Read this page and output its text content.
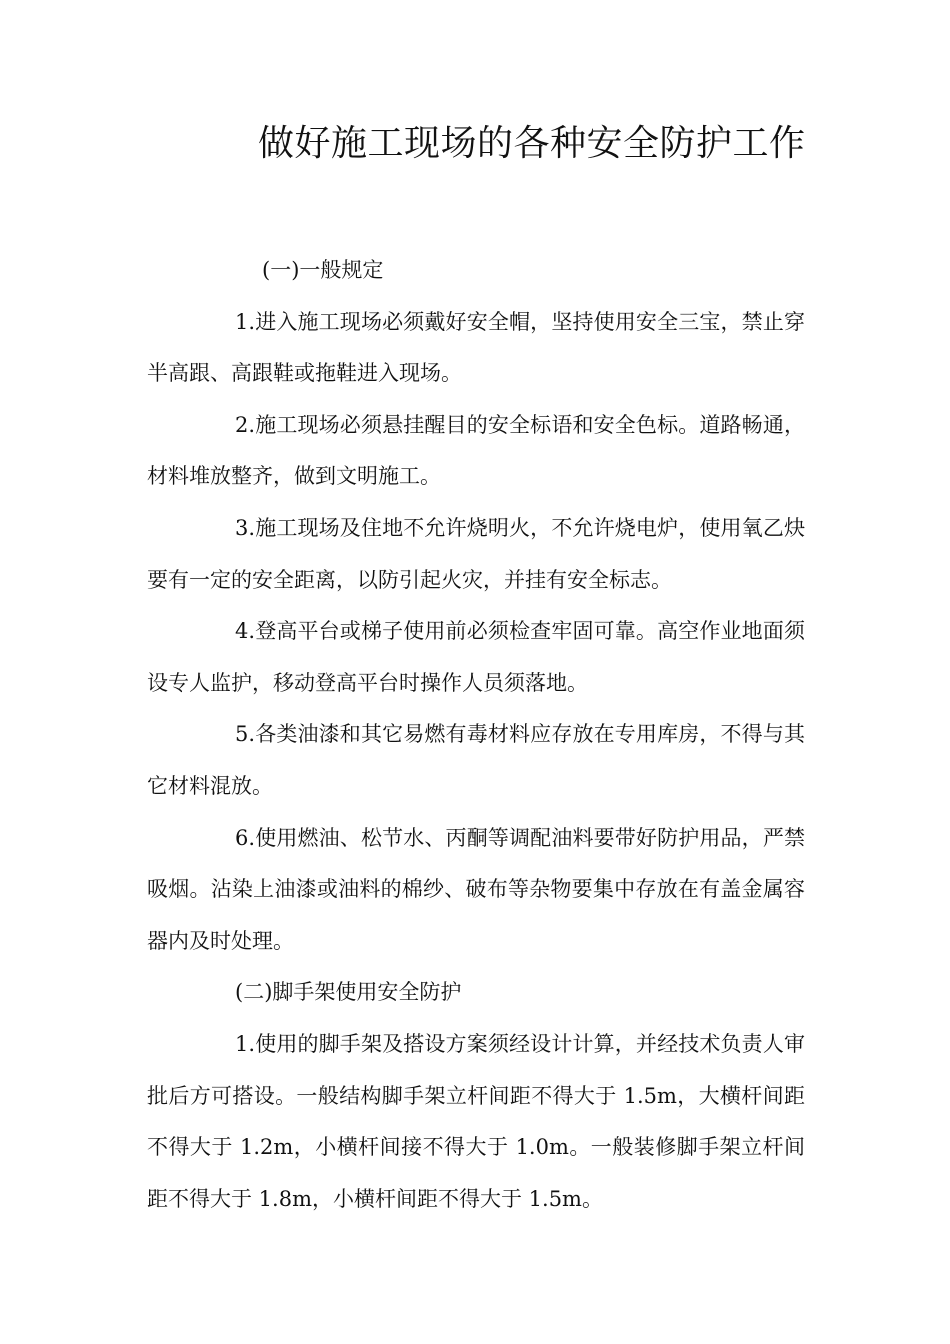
做好施工现场的各种安全防护工作
(一)一般规定

1.进入施工现场必须戴好安全帽，坚持使用安全三宝，禁止穿半高跟、高跟鞋或拖鞋进入现场。

2.施工现场必须悬挂醒目的安全标语和安全色标。道路畅通，材料堆放整齐，做到文明施工。

3.施工现场及住地不允许烧明火，不允许烧电炉，使用氧乙炔要有一定的安全距离，以防引起火灾，并挂有安全标志。

4.登高平台或梯子使用前必须检查牢固可靠。高空作业地面须设专人监护，移动登高平台时操作人员须落地。

5.各类油漆和其它易燃有毒材料应存放在专用库房，不得与其它材料混放。

6.使用燃油、松节水、丙酮等调配油料要带好防护用品，严禁吸烟。沾染上油漆或油料的棉纱、破布等杂物要集中存放在有盖金属容器内及时处理。

(二)脚手架使用安全防护

1.使用的脚手架及搭设方案须经设计计算，并经技术负责人审批后方可搭设。一般结构脚手架立杆间距不得大于 1.5m，大横杆间距不得大于 1.2m，小横杆间接不得大于 1.0m。一般装修脚手架立杆间距不得大于 1.8m，小横杆间距不得大于 1.5m。
